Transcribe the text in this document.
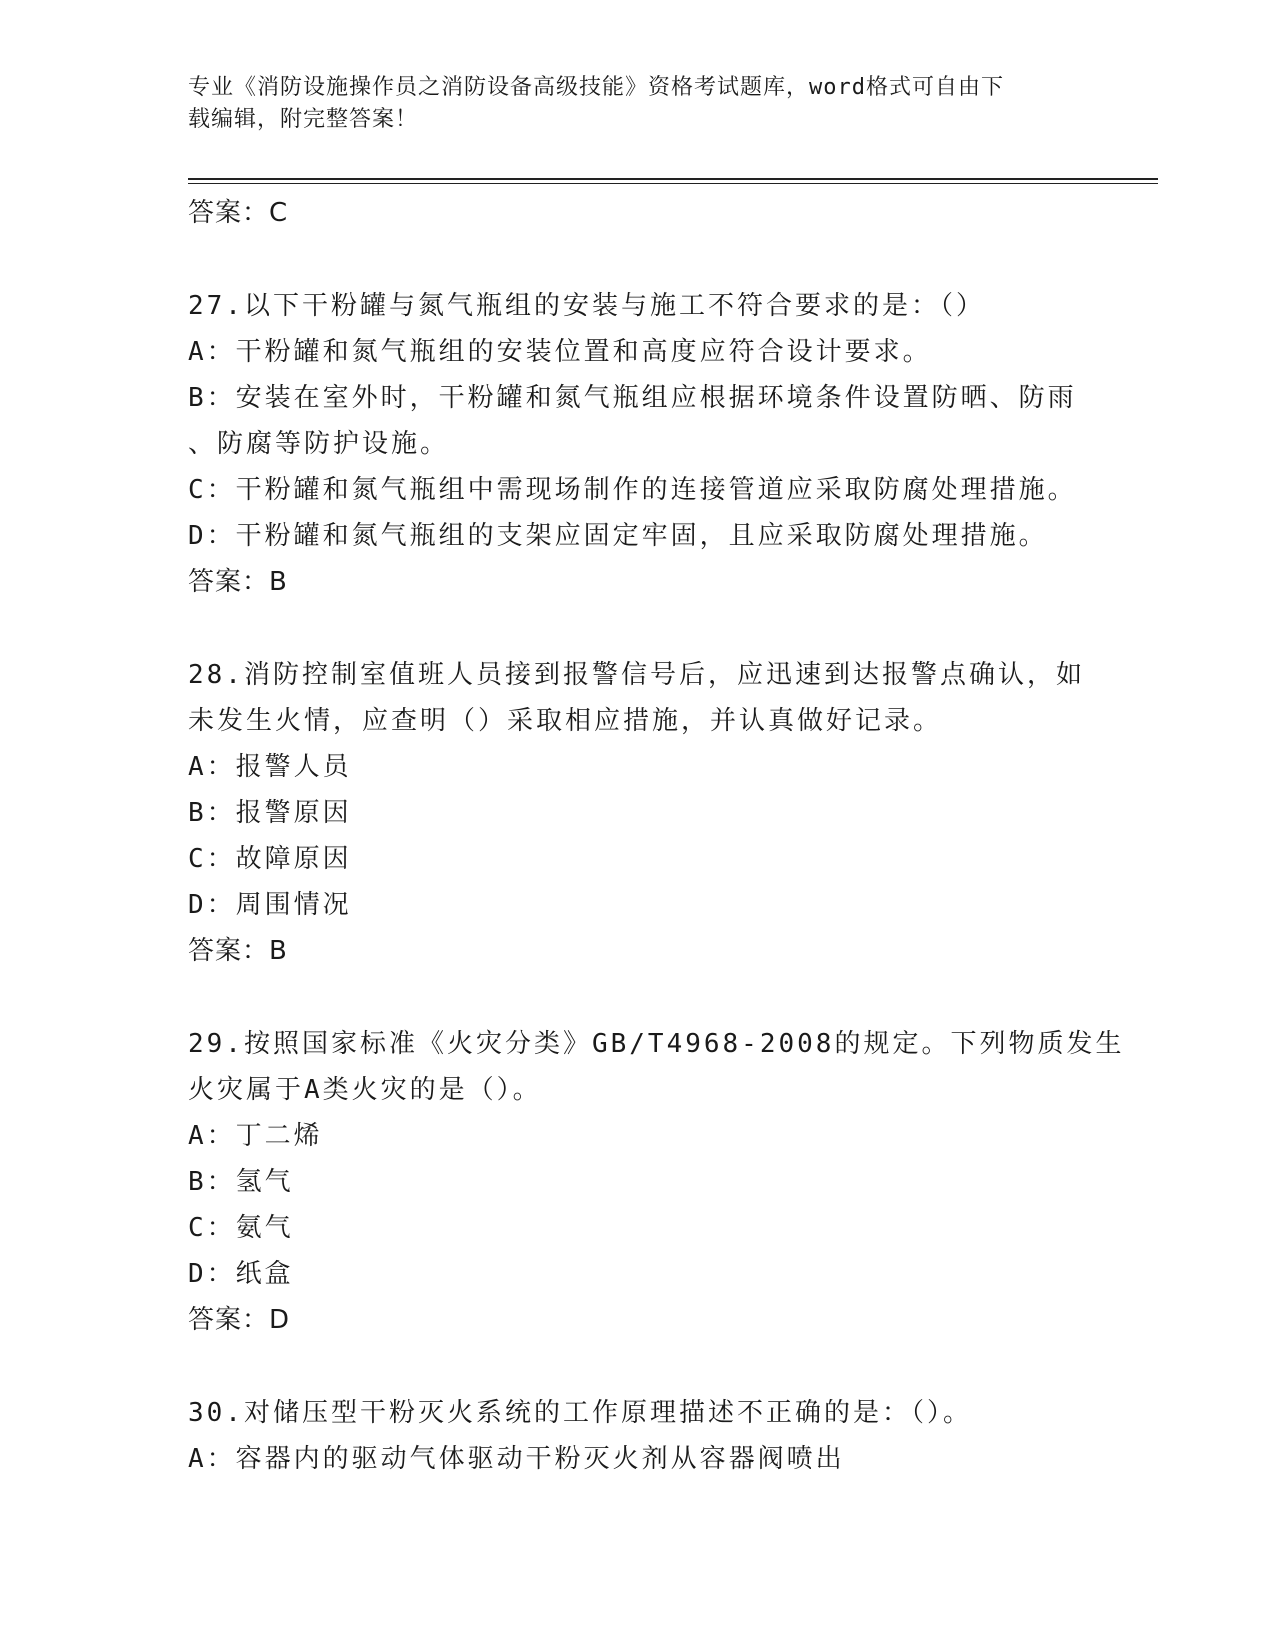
专业《消防设施操作员之消防设备高级技能》资格考试题库，word格式可自由下
载编辑，附完整答案！
答案：C
27.以下干粉罐与氮气瓶组的安装与施工不符合要求的是：（）
A：干粉罐和氮气瓶组的安装位置和高度应符合设计要求。
B：安装在室外时，干粉罐和氮气瓶组应根据环境条件设置防晒、防雨
、防腐等防护设施。
C：干粉罐和氮气瓶组中需现场制作的连接管道应采取防腐处理措施。
D：干粉罐和氮气瓶组的支架应固定牢固，且应采取防腐处理措施。
答案：B
28.消防控制室值班人员接到报警信号后，应迅速到达报警点确认，如
未发生火情，应查明（）采取相应措施，并认真做好记录。
A：报警人员
B：报警原因
C：故障原因
D：周围情况
答案：B
29.按照国家标准《火灾分类》GB/T4968-2008的规定。下列物质发生
火灾属于A类火灾的是（）。
A：丁二烯
B：氢气
C：氨气
D：纸盒
答案：D
30.对储压型干粉灭火系统的工作原理描述不正确的是：（）。
A：容器内的驱动气体驱动干粉灭火剂从容器阀喷出
